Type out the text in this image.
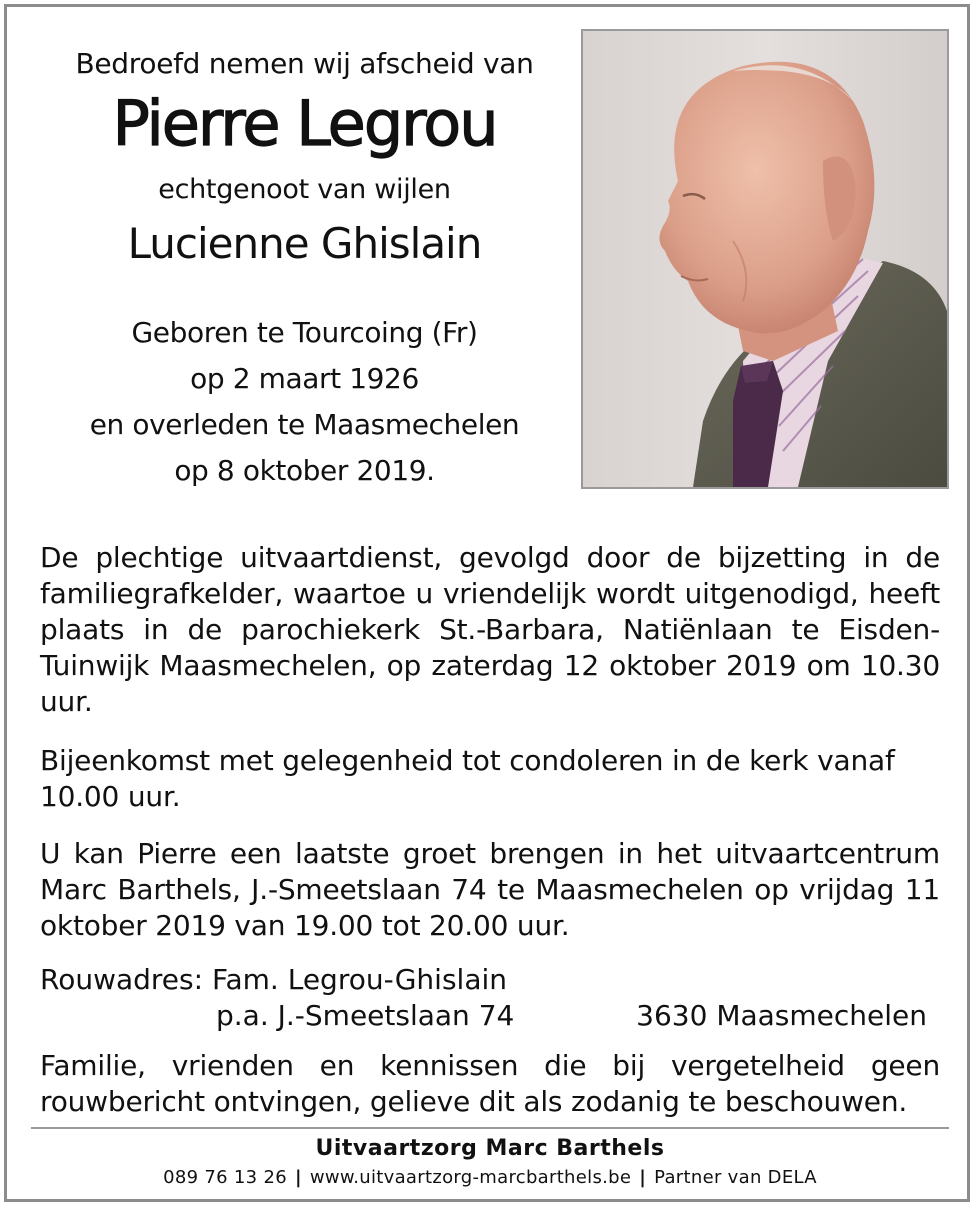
Bedroefd nemen wij afscheid van
Pierre Legrou
echtgenoot van wijlen
Lucienne Ghislain
Geboren te Tourcoing (Fr)
op 2 maart 1926
en overleden te Maasmechelen
op 8 oktober 2019.
De plechtige uitvaartdienst, gevolgd door de bijzetting in de familiegrafkelder, waartoe u vriendelijk wordt uitgenodigd, heeft plaats in de parochiekerk St.-Barbara, Natiënlaan te Eisden-Tuinwijk Maasmechelen, op zaterdag 12 oktober 2019 om 10.30 uur.
Bijeenkomst met gelegenheid tot condoleren in de kerk vanaf 10.00 uur.
U kan Pierre een laatste groet brengen in het uitvaartcentrum Marc Barthels, J.-Smeetslaan 74 te Maasmechelen op vrijdag 11 oktober 2019 van 19.00 tot 20.00 uur.
Rouwadres: Fam. Legrou-Ghislain
p.a. J.-Smeetslaan 74	3630 Maasmechelen
Familie, vrienden en kennissen die bij vergetelheid geen rouwbericht ontvingen, gelieve dit als zodanig te beschouwen.
Uitvaartzorg Marc Barthels
089 76 13 26 | www.uitvaartzorg-marcbarthels.be | Partner van DELA
